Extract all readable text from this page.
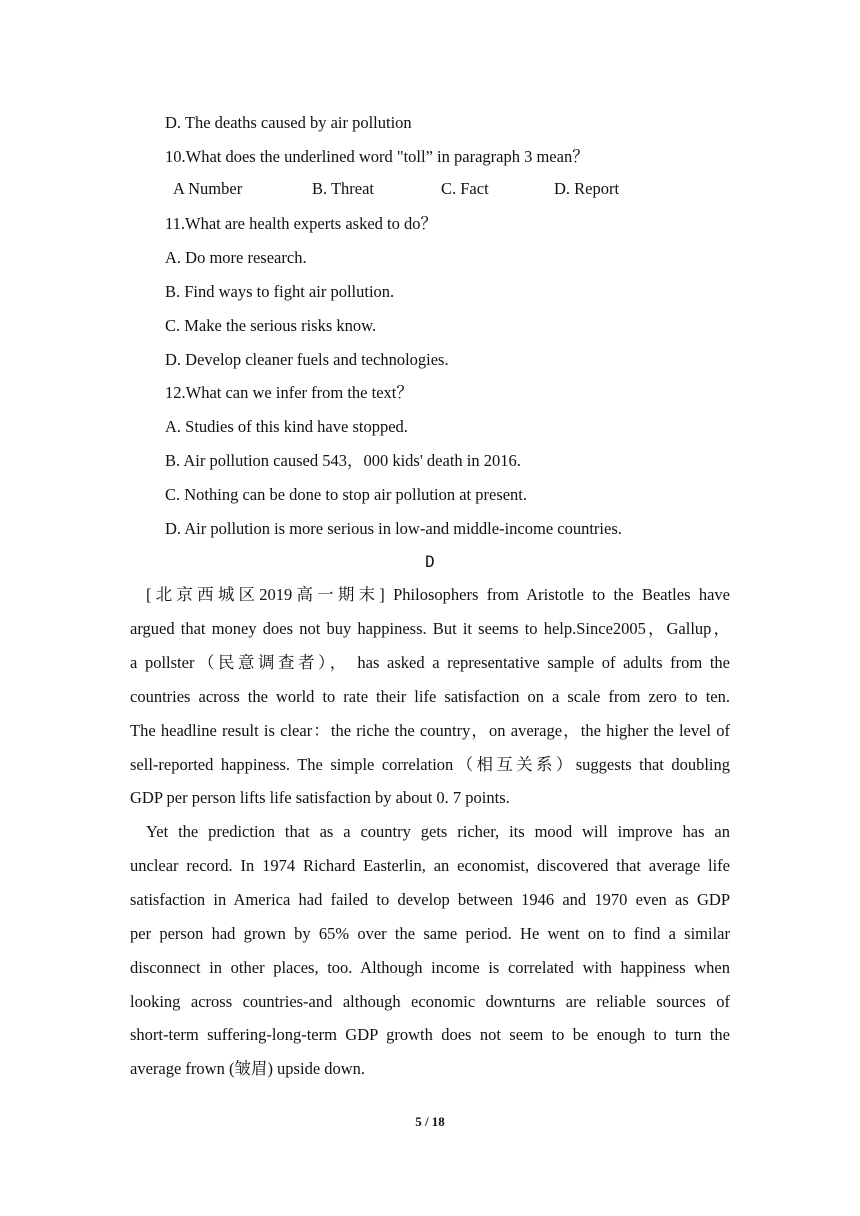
D. The deaths caused by air pollution
10.What does the underlined word "toll” in paragraph 3 mean？
A Number	B. Threat	C. Fact	D. Report
11.What are health experts asked to do？
A. Do more research.
B. Find ways to fight air pollution.
C. Make the serious risks know.
D. Develop cleaner fuels and technologies.
12.What can we infer from the text？
A. Studies of this kind have stopped.
B. Air pollution caused 543，000 kids' death in 2016.
C. Nothing can be done to stop air pollution at present.
D. Air pollution is more serious in low-and middle-income countries.
D
[北京西城区2019高一期末] Philosophers from Aristotle to the Beatles have
argued that money does not buy happiness. But it seems to help.Since2005，Gallup，
a pollster（民意调查者）， has asked a representative sample of adults from the
countries across the world to rate their life satisfaction on a scale from zero to ten.
The headline result is clear：the riche the country，on average，the higher the level of
sell-reported happiness. The simple correlation（相互关系）suggests that doubling
GDP per person lifts life satisfaction by about 0. 7 points.
Yet the prediction that as a country gets richer, its mood will improve has an
unclear record. In 1974 Richard Easterlin, an economist, discovered that average life
satisfaction in America had failed to develop between 1946 and 1970 even as GDP
per person had grown by 65% over the same period. He went on to find a similar
disconnect in other places, too. Although income is correlated with happiness when
looking across countries-and although economic downturns are reliable sources of
short-term suffering-long-term GDP growth does not seem to be enough to turn the
average frown (皱眉) upside down.
5 / 18
